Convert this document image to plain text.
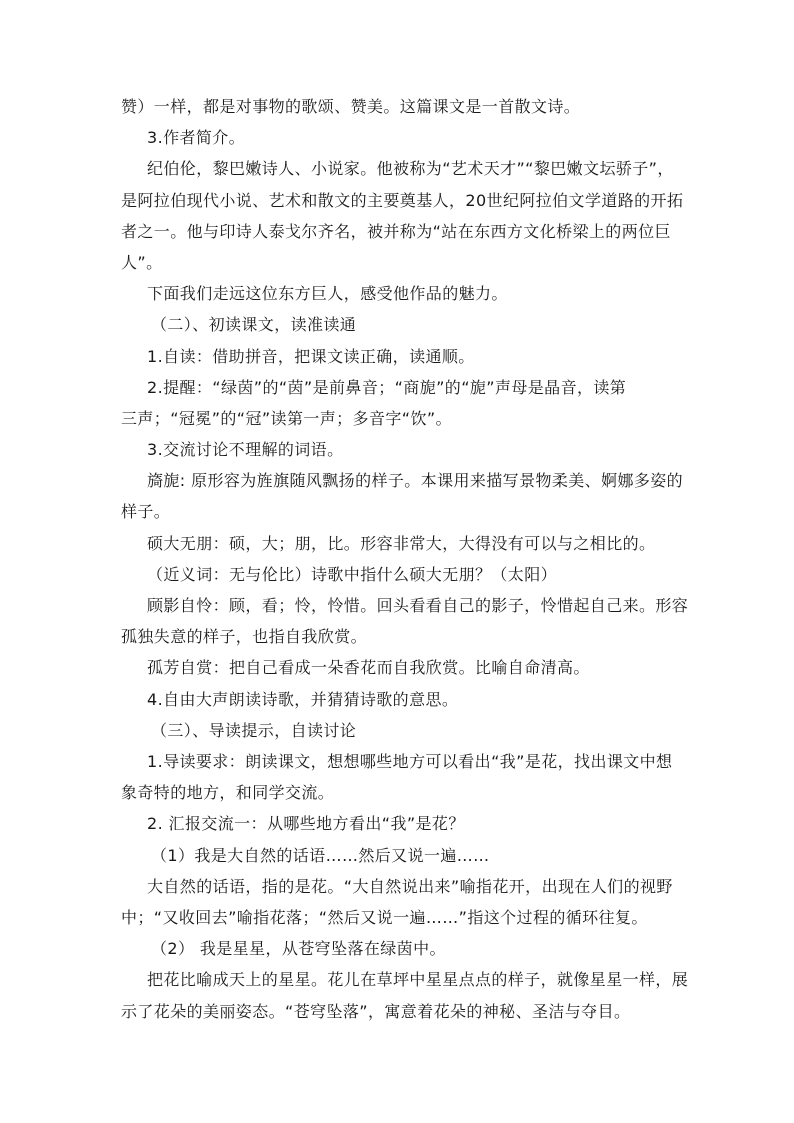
赞）一样，都是对事物的歌颂、赞美。这篇课文是一首散文诗。
3.作者简介。
纪伯伦，黎巴嫩诗人、小说家。他被称为“艺术天才”“黎巴嫩文坛骄子”，
是阿拉伯现代小说、艺术和散文的主要奠基人，20世纪阿拉伯文学道路的开拓
者之一。他与印诗人泰戈尔齐名，被并称为“站在东西方文化桥梁上的两位巨
人”。
下面我们走远这位东方巨人，感受他作品的魅力。
（二）、初读课文，读准读通
1.自读：借助拼音，把课文读正确，读通顺。
2.提醒：“绿茵”的“茵”是前鼻音；“商旎”的“旎”声母是晶音，读第
三声；“冠冕”的“冠”读第一声；多音字“饮”。
3.交流讨论不理解的词语。
旖旎: 原形容为旌旗随风飘扬的样子。本课用来描写景物柔美、婀娜多姿的
样子。
硕大无朋：硕，大；朋，比。形容非常大，大得没有可以与之相比的。
（近义词：无与伦比）诗歌中指什么硕大无朋？（太阳）
顾影自怜：顾，看；怜，怜惜。回头看看自己的影子，怜惜起自己来。形容
孤独失意的样子，也指自我欣赏。
孤芳自赏：把自己看成一朵香花而自我欣赏。比喻自命清高。
4.自由大声朗读诗歌，并猜猜诗歌的意思。
（三）、导读提示，自读讨论
1.导读要求：朗读课文，想想哪些地方可以看出“我”是花，找出课文中想
象奇特的地方，和同学交流。
2. 汇报交流一：从哪些地方看出“我”是花？
（1）我是大自然的话语……然后又说一遍……
大自然的话语，指的是花。“大自然说出来”喻指花开，出现在人们的视野
中；“又收回去”喻指花落；“然后又说一遍……”指这个过程的循环往复。
（2） 我是星星，从苍穹坠落在绿茵中。
把花比喻成天上的星星。花儿在草坪中星星点点的样子，就像星星一样，展
示了花朵的美丽姿态。“苍穹坠落”，寓意着花朵的神秘、圣洁与夺目。
